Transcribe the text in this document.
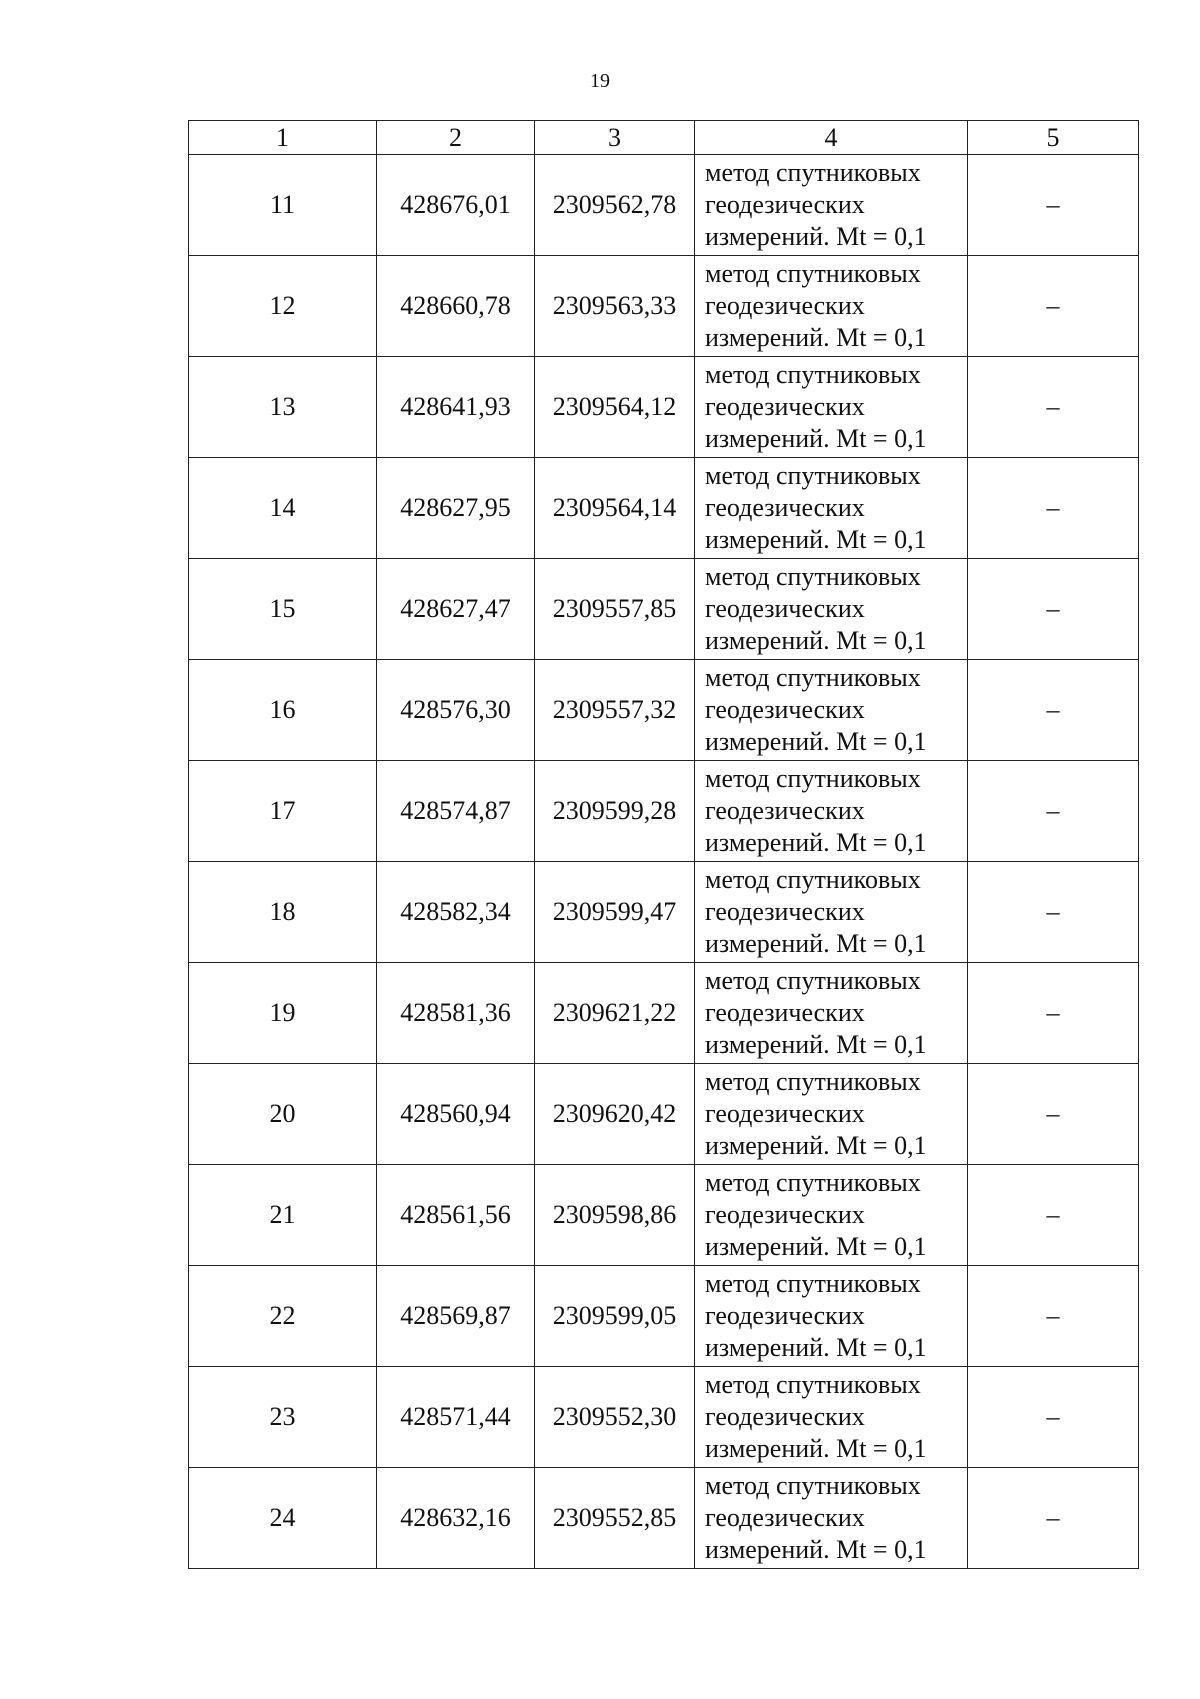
19
1	2	3	4	5
11	428676,01	2309562,78	метод спутниковых
геодезических
измерений. Mt = 0,1	–
12	428660,78	2309563,33	метод спутниковых
геодезических
измерений. Mt = 0,1	–
13	428641,93	2309564,12	метод спутниковых
геодезических
измерений. Mt = 0,1	–
14	428627,95	2309564,14	метод спутниковых
геодезических
измерений. Mt = 0,1	–
15	428627,47	2309557,85	метод спутниковых
геодезических
измерений. Mt = 0,1	–
16	428576,30	2309557,32	метод спутниковых
геодезических
измерений. Mt = 0,1	–
17	428574,87	2309599,28	метод спутниковых
геодезических
измерений. Mt = 0,1	–
18	428582,34	2309599,47	метод спутниковых
геодезических
измерений. Mt = 0,1	–
19	428581,36	2309621,22	метод спутниковых
геодезических
измерений. Mt = 0,1	–
20	428560,94	2309620,42	метод спутниковых
геодезических
измерений. Mt = 0,1	–
21	428561,56	2309598,86	метод спутниковых
геодезических
измерений. Mt = 0,1	–
22	428569,87	2309599,05	метод спутниковых
геодезических
измерений. Mt = 0,1	–
23	428571,44	2309552,30	метод спутниковых
геодезических
измерений. Mt = 0,1	–
24	428632,16	2309552,85	метод спутниковых
геодезических
измерений. Mt = 0,1	–
